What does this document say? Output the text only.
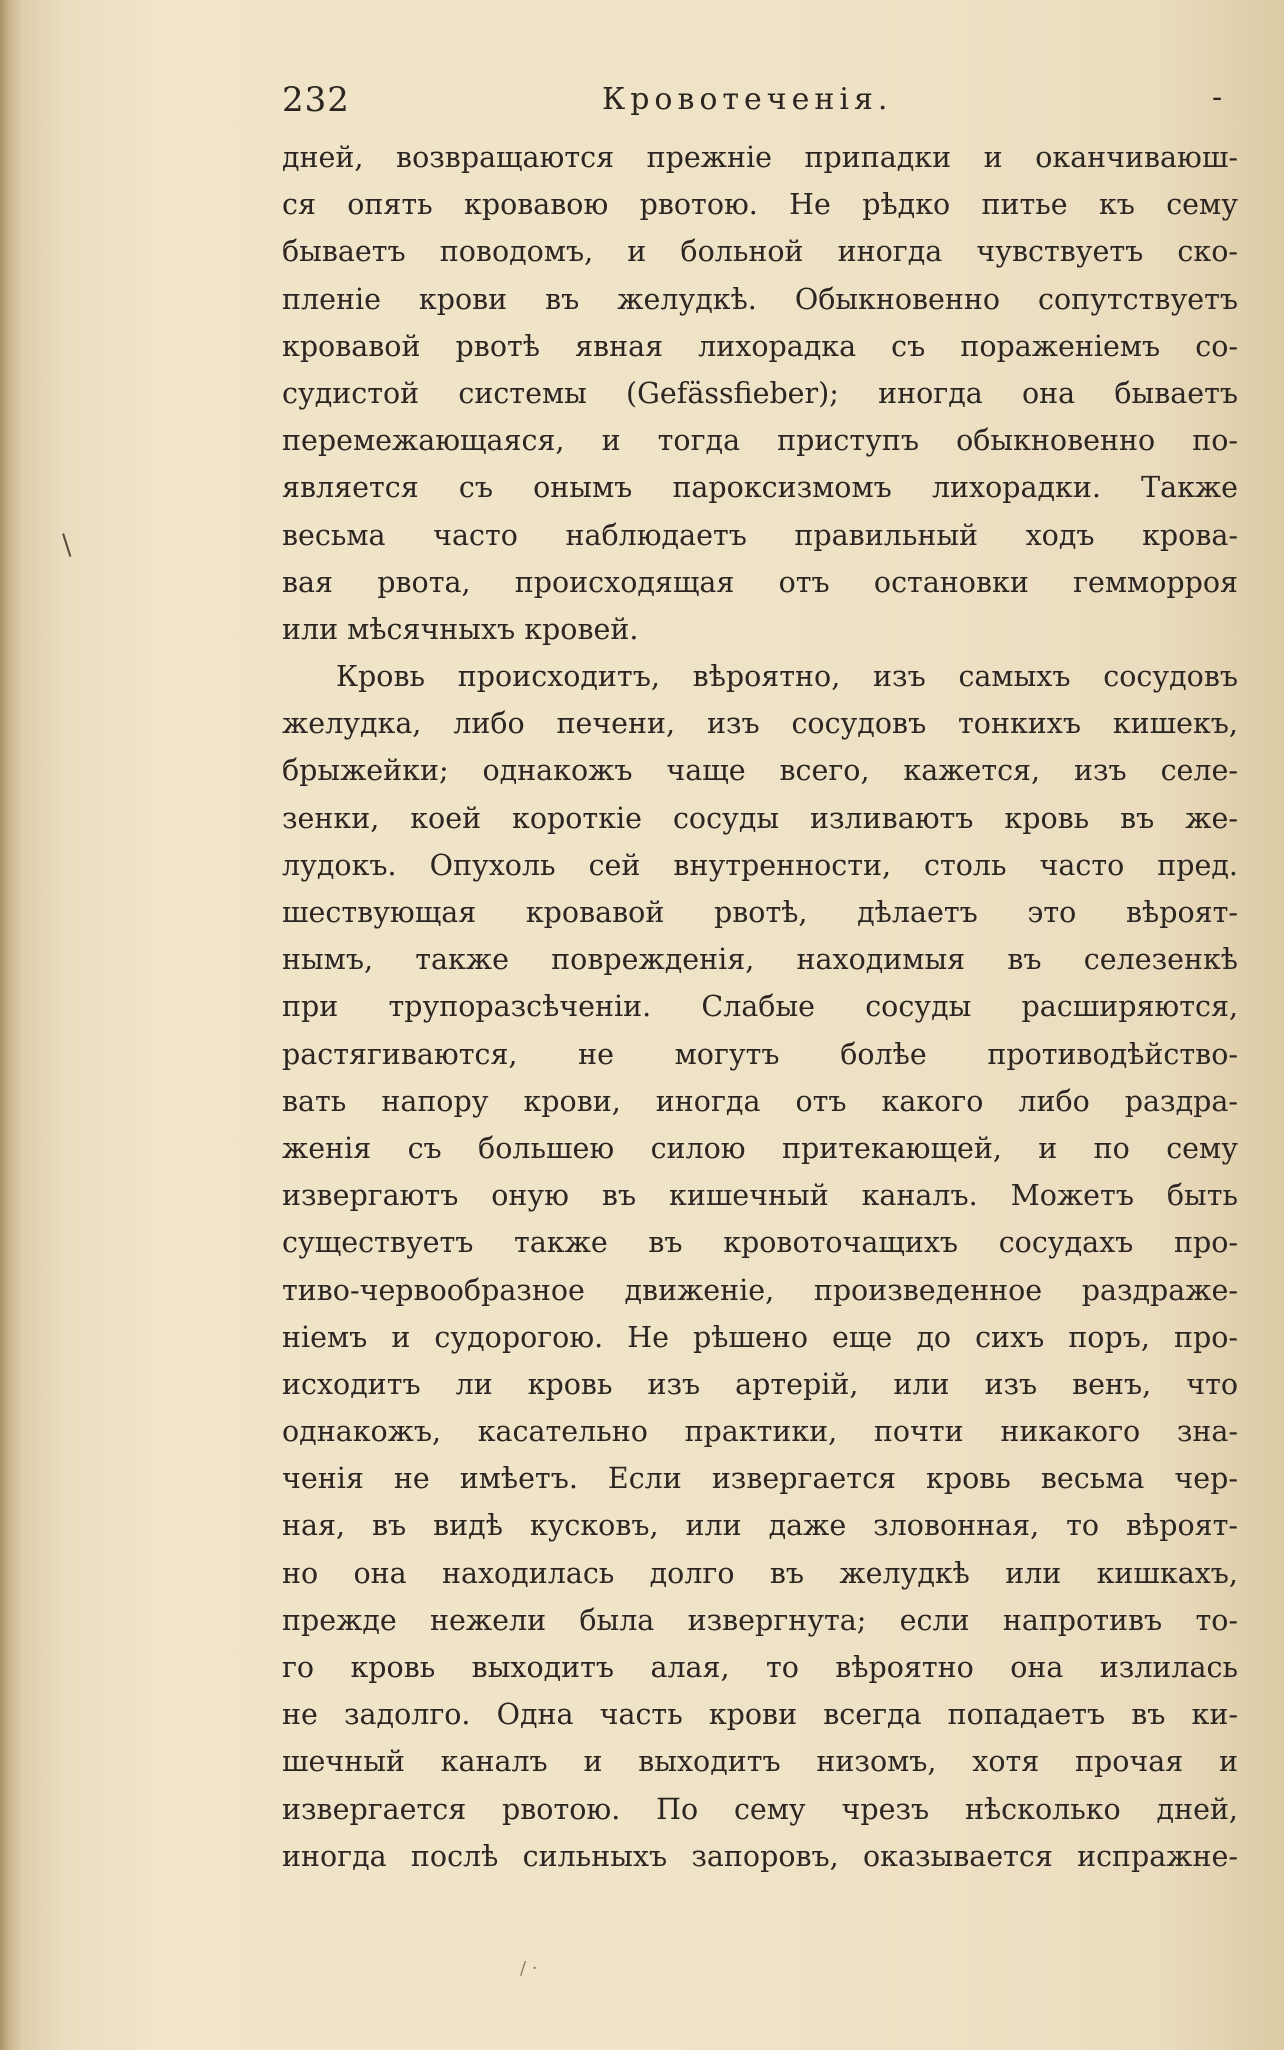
\
232	Кровотеченія.	-
дней, возвращаются прежніе припадки и оканчиваюш-
ся опять кровавою рвотою. Не рѣдко питье къ сему
бываетъ поводомъ, и больной иногда чувствуетъ ско-
пленіе крови въ желудкѣ. Обыкновенно сопутствуетъ
кровавой рвотѣ явная лихорадка съ пораженіемъ со-
судистой системы (Gefässfieber); иногда она бываетъ
перемежающаяся, и тогда приступъ обыкновенно по-
является съ онымъ пароксизмомъ лихорадки. Также
весьма часто наблюдаетъ правильный ходъ крова-
вая рвота, происходящая отъ остановки гемморроя
или мѣсячныхъ кровей.
Кровь происходитъ, вѣроятно, изъ самыхъ сосудовъ
желудка, либо печени, изъ сосудовъ тонкихъ кишекъ,
брыжейки; однакожъ чаще всего, кажется, изъ селе-
зенки, коей короткіе сосуды изливаютъ кровь въ же-
лудокъ. Опухоль сей внутренности, столь часто пред.
шествующая кровавой рвотѣ, дѣлаетъ это вѣроят-
нымъ, также поврежденія, находимыя въ селезенкѣ
при трупоразсѣченіи. Слабые сосуды расширяются,
растягиваются, не могутъ болѣе противодѣйство-
вать напору крови, иногда отъ какого либо раздра-
женія съ большею силою притекающей, и по сему
извергаютъ оную въ кишечный каналъ. Можетъ быть
существуетъ также въ кровоточащихъ сосудахъ про-
тиво-червообразное движеніе, произведенное раздраже-
ніемъ и судорогою. Не рѣшено еще до сихъ поръ, про-
исходитъ ли кровь изъ артерій, или изъ венъ, что
однакожъ, касательно практики, почти никакого зна-
ченія не имѣетъ. Если извергается кровь весьма чер-
ная, въ видѣ кусковъ, или даже зловонная, то вѣроят-
но она находилась долго въ желудкѣ или кишкахъ,
прежде нежели была извергнута; если напротивъ то-
го кровь выходитъ алая, то вѣроятно она излилась
не задолго. Одна часть крови всегда попадаетъ въ ки-
шечный каналъ и выходитъ низомъ, хотя прочая и
извергается рвотою. По сему чрезъ нѣсколько дней,
иногда послѣ сильныхъ запоровъ, оказывается испражне-
/ ·
